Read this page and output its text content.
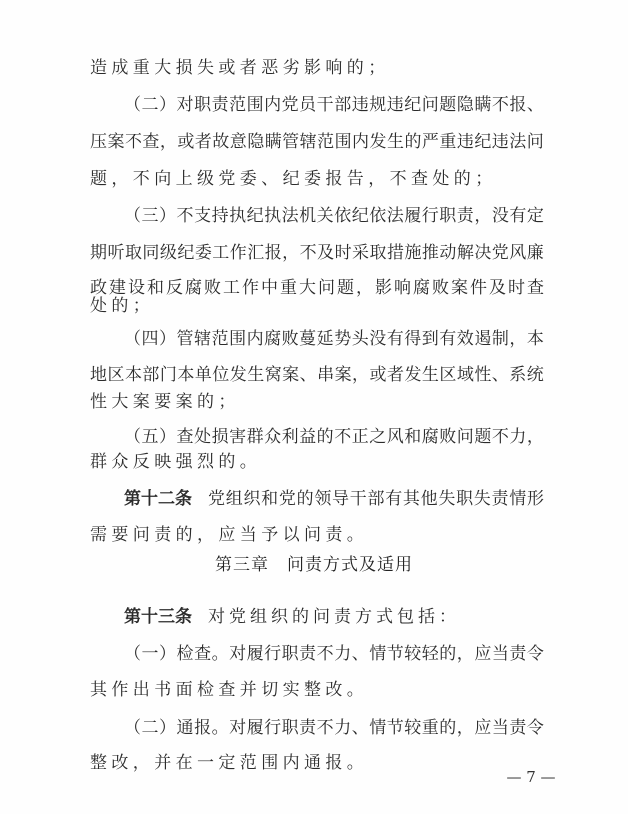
造成重大损失或者恶劣影响的；
（ 二 ） 对 职 责 范 围 内 党 员 干 部 违 规 违 纪 问 题 隐 瞒 不 报 、
压 案 不 查 ， 或 者 故 意 隐 瞒 管 辖 范 围 内 发 生 的 严 重 违 纪 违 法 问
题，不向上级党委、纪委报告，不查处的；
（ 三 ） 不 支 持 执 纪 执 法 机 关 依 纪 依 法 履 行 职 责 ， 没 有 定
期 听 取 同 级 纪 委 工 作 汇 报 ， 不 及 时 采 取 措 施 推 动 解 决 党 风 廉
政 建 设 和 反 腐 败 工 作 中 重 大 问 题 ， 影 响 腐 败 案 件 及 时 查
处的；
（ 四 ） 管 辖 范 围 内 腐 败 蔓 延 势 头 没 有 得 到 有 效 遏 制 ， 本
地 区 本 部 门 本 单 位 发 生 窝 案 、 串 案 ， 或 者 发 生 区 域 性 、 系 统
性大案要案的；
（ 五 ） 查 处 损 害 群 众 利 益 的 不 正 之 风 和 腐 败 问 题 不 力 ，
群众反映强烈的。
第十二条 党 组 织 和 党 的 领 导 干 部 有 其 他 失 职 失 责 情 形
需要问责的，应当予以问责。
第十三条 对党组织的问责方式包括：
（ 一 ） 检 查 。 对 履 行 职 责 不 力 、 情 节 较 轻 的 ， 应 当 责 令
其作出书面检查并切实整改。
（ 二 ） 通 报 。 对 履 行 职 责 不 力 、 情 节 较 重 的 ， 应 当 责 令
整改，并在一定范围内通报。
第三章 问责方式及适用
— 7 —
